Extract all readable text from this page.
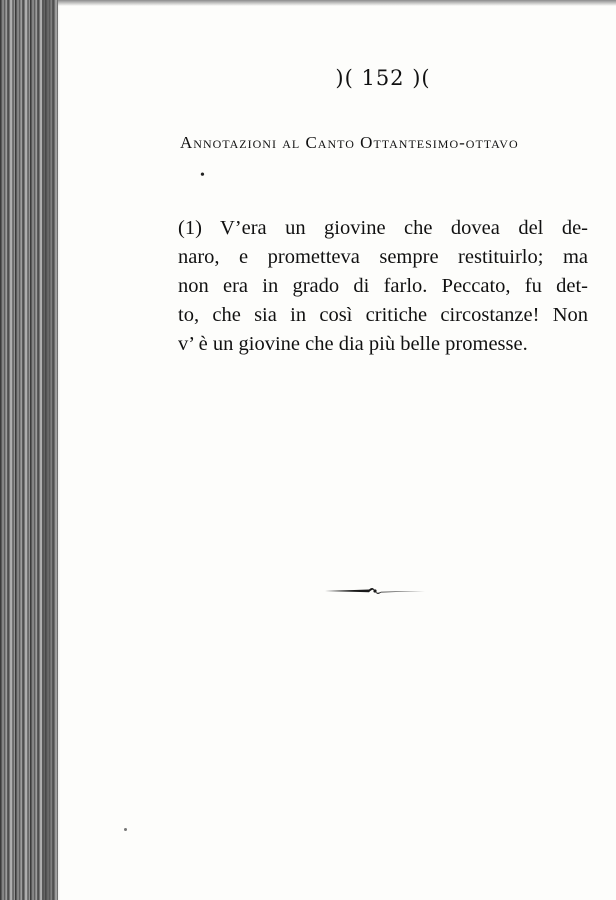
)( 152 )(
Annotazioni al Canto Ottantesimo-ottavo
•
(1) V’era un giovine che dovea del de-
naro, e prometteva sempre restituirlo; ma
non era in grado di farlo. Peccato, fu det-
to, che sia in così critiche circostanze! Non
v’ è un giovine che dia più belle promesse.
